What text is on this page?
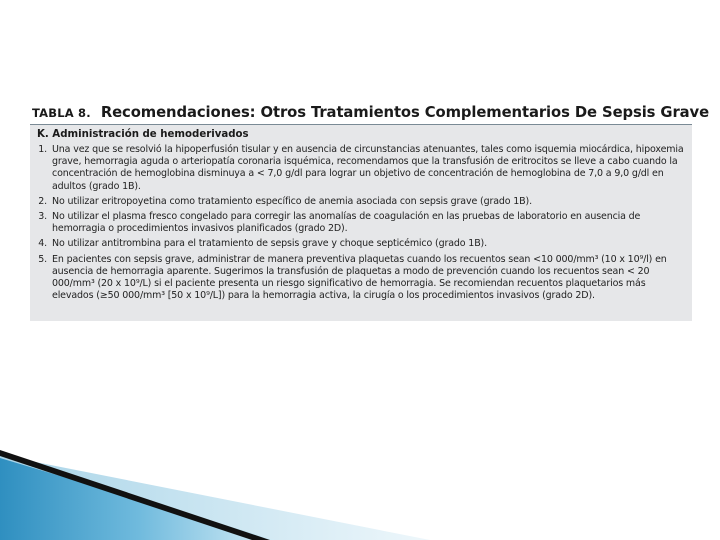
TABLA 8. Recomendaciones: Otros Tratamientos Complementarios De Sepsis Grave
K. Administración de hemoderivados
1. Una vez que se resolvió la hipoperfusión tisular y en ausencia de circunstancias atenuantes, tales como isquemia miocárdica, hipoxemia grave, hemorragia aguda o arteriopatía coronaria isquémica, recomendamos que la transfusión de eritrocitos se lleve a cabo cuando la concentración de hemoglobina disminuya a < 7,0 g/dl para lograr un objetivo de concentración de hemoglobina de 7,0 a 9,0 g/dl en adultos (grado 1B).
2. No utilizar eritropoyetina como tratamiento específico de anemia asociada con sepsis grave (grado 1B).
3. No utilizar el plasma fresco congelado para corregir las anomalías de coagulación en las pruebas de laboratorio en ausencia de hemorragia o procedimientos invasivos planificados (grado 2D).
4. No utilizar antitrombina para el tratamiento de sepsis grave y choque septicémico (grado 1B).
5. En pacientes con sepsis grave, administrar de manera preventiva plaquetas cuando los recuentos sean <10 000/mm³ (10 x 10⁹/l) en ausencia de hemorragia aparente. Sugerimos la transfusión de plaquetas a modo de prevención cuando los recuentos sean < 20 000/mm³ (20 x 10⁹/L) si el paciente presenta un riesgo significativo de hemorragia. Se recomiendan recuentos plaquetarios más elevados (≥50 000/mm³ [50 x 10⁹/L]) para la hemorragia activa, la cirugía o los procedimientos invasivos (grado 2D).
